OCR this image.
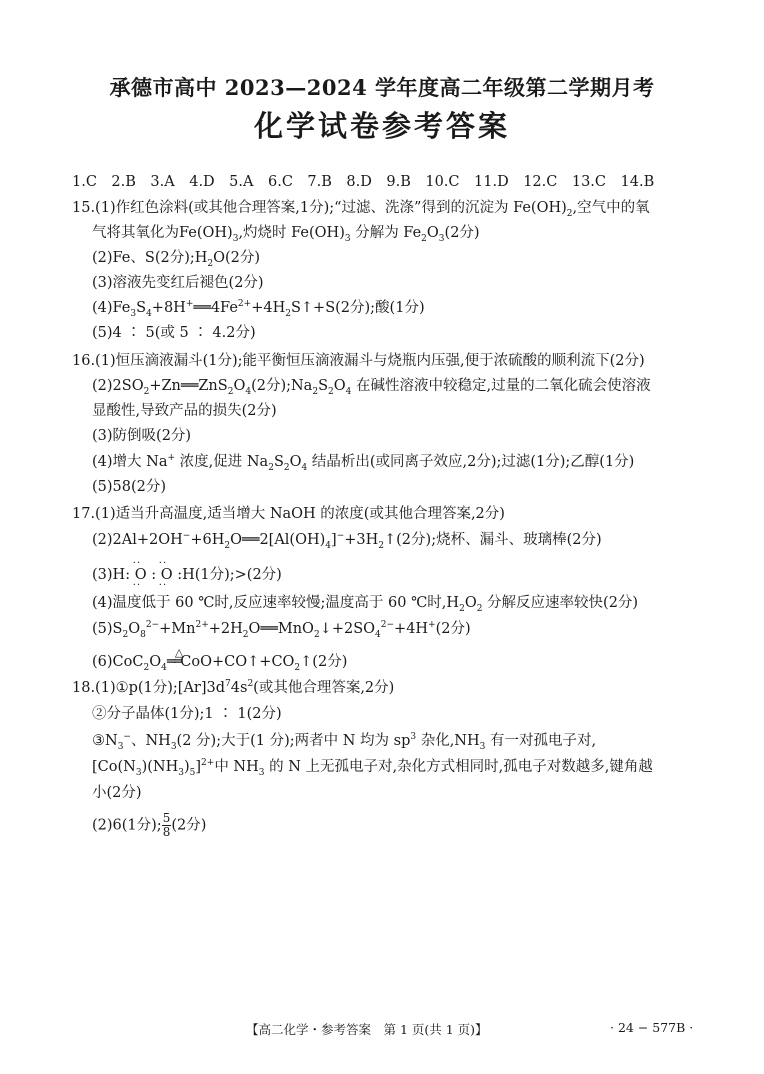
承德市高中 2023—2024 学年度高二年级第二学期月考
化学试卷参考答案
1.C　2.B　3.A　4.D　5.A　6.C　7.B　8.D　9.B　10.C　11.D　12.C　13.C　14.B
15.(1)作红色涂料(或其他合理答案,1分);“过滤、洗涤”得到的沉淀为 $Fe(OH)_2$,空气中的氧
气将其氧化为$Fe(OH)_3$,灼烧时 $Fe(OH)_3$ 分解为 $Fe_2O_3(2$分)
(2)Fe、S(2分)$;H_2O(2$分)
(3)溶液先变红后褪色(2分)
$(4)Fe_3S_4+8H^+══4Fe^{2+}+4H_2S↑+S(2$分);酸(1分)
(5)4 ∶ 5(或 5 ∶ 4.2分)
16.(1)恒压滴液漏斗(1分);能平衡恒压滴液漏斗与烧瓶内压强,便于浓硫酸的顺利流下(2分)
$(2)2SO_2+Zn══ZnS_2O_4(2$分)$;Na_2S_2O_4$ 在碱性溶液中较稳定,过量的二氧化硫会使溶液
显酸性,导致产品的损失(2分)
(3)防倒吸(2分)
(4)增大 Na+ 浓度,促进 $Na_2S_2O_4$ 结晶析出(或同离子效应,2分);过滤(1分);乙醇(1分)
(5)58(2分)
17.(1)适当升高温度,适当增大 NaOH 的浓度(或其他合理答案,2分)
$(2)2Al+2OH^-+6H_2O══2[Al(OH)_4]^-+3H_2↑(2$分);烧杯、漏斗、玻璃棒(2分)
(3)H: · · O · · : · · O · · :H(1分);>(2分)
(4)温度低于 60 ℃时,反应速率较慢;温度高于 60 ℃时$,H_2O_2$ 分解反应速率较快(2分)
$(5)S_2O_8^{2-}+Mn^{2+}+2H_2O══MnO_2↓+2SO_4^{2-}+4H^+(2$分)
$(6)CoC_2O_4$
△
$══CoO+CO↑+CO_2↑(2$分)
18.(1)①p(1分)$;[Ar]3d^74s^2$(或其他合理答案,2分)
②分子晶体(1分);1 ∶ 1(2分)
$③N_3^-$、$NH_3(2$ 分);大于(1 分);两者中 N 均为 $sp^3$ 杂化$,NH_3$ 有一对孤电子对,
$[Co(N_3)(NH_3)_5]^{2+}$中 $NH_3$ 的 N 上无孤电子对,杂化方式相同时,孤电子对数越多,键角越
小(2分)
(2)6(1分); $\frac{5}{8} (2$分)
【高二化学・参考答案　第 1 页(共 1 页)】	· 24 − 577B ·
